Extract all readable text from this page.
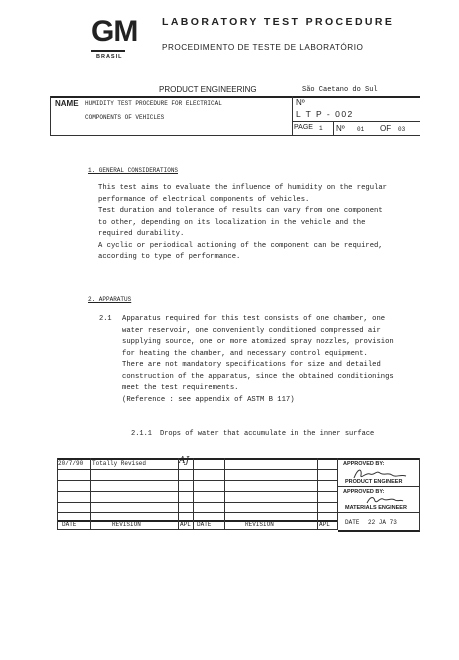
GM
BRASIL
LABORATORY TEST PROCEDURE
PROCEDIMENTO DE TESTE DE LABORATÓRIO
PRODUCT ENGINEERING	São Caetano do Sul
NAME HUMIDITY TEST PROCEDURE FOR ELECTRICAL
COMPONENTS OF VEHICLES
Nº
L T P - 002
PAGE 1 Nº 01 OF 03
1. GENERAL CONSIDERATIONS
This test aims to evaluate the influence of humidity on the regular
performance of electrical components of vehicles.
Test duration and tolerance of results can vary from one component
to other, depending on its localization in the vehicle and the
required durability.
A cyclic or periodical actioning of the component can be required,
according to type of performance.
2. APPARATUS
2.1 Apparatus required for this test consists of one chamber, one
water reservoir, one conveniently conditioned compressed air
supplying source, one or more atomized spray nozzles, provision
for heating the chamber, and necessary control equipment.
There are not mandatory specifications for size and detailed
construction of the apparatus, since the obtained conditionings
meet the test requirements.
(Reference : see appendix of ASTM B 117)
2.1.1 Drops of water that accumulate in the inner surface
20/7/90 Totally Revised	AJ
DATE	REVISION	APL DATE	REVISION	APL
APPROVED BY:
PRODUCT ENGINEER
APPROVED BY:
MATERIALS ENGINEER
DATE 22 JA 73
